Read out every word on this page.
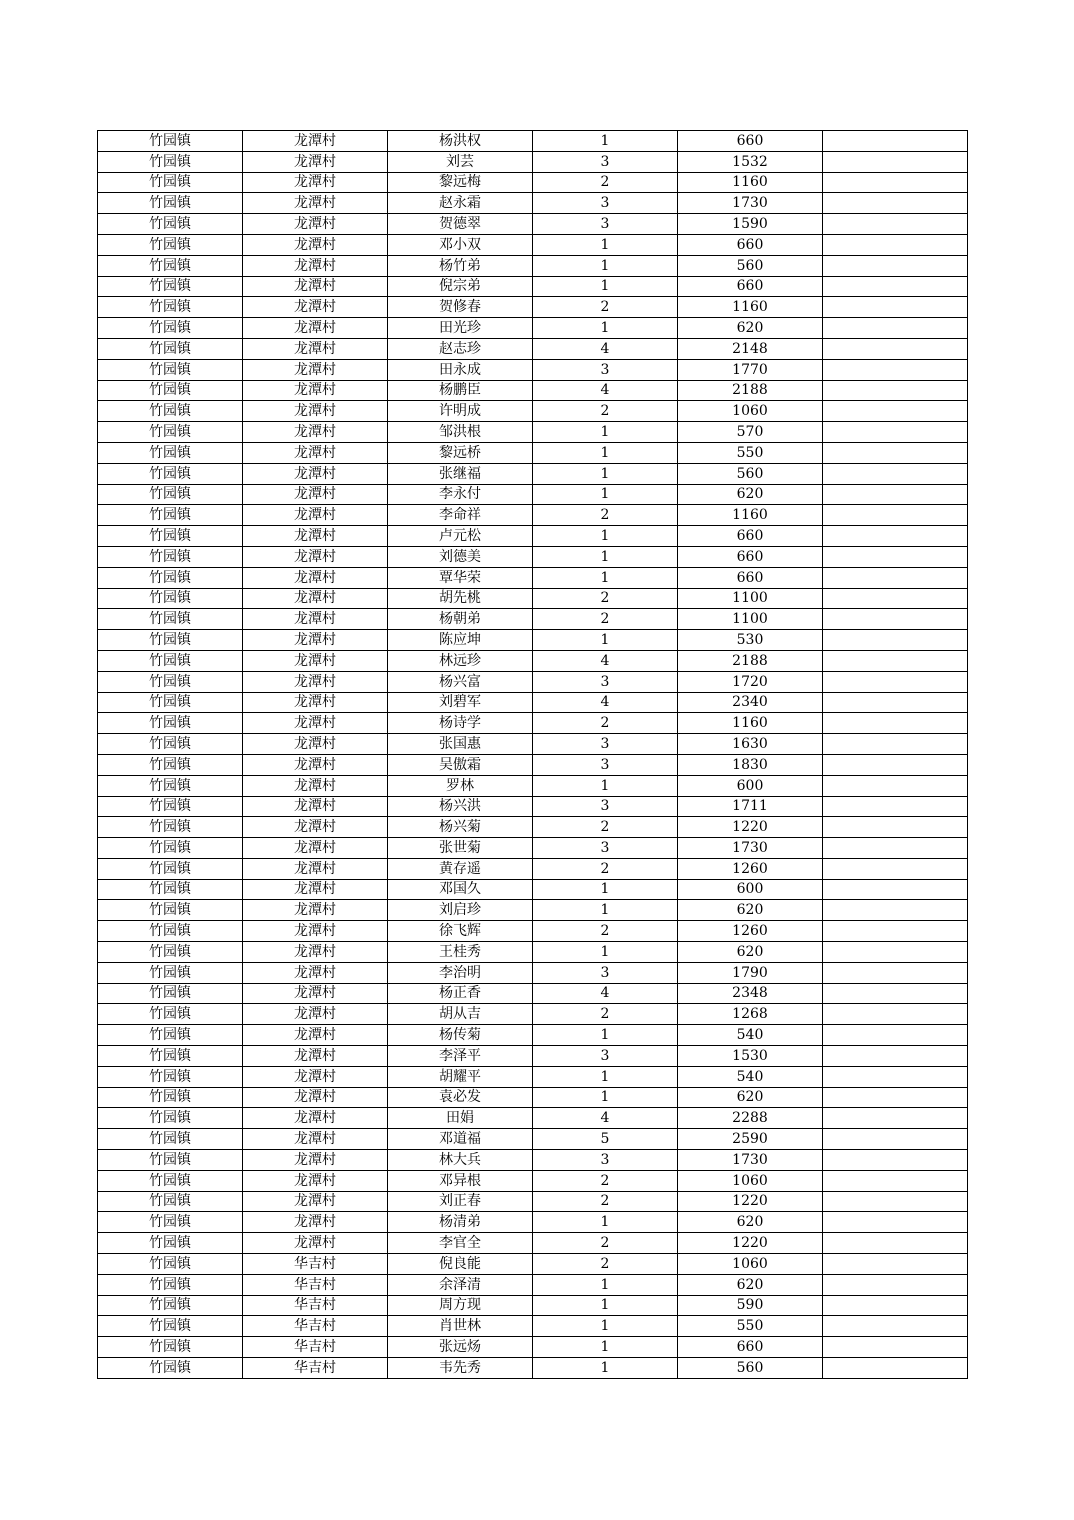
竹园镇	龙潭村	杨洪权	1	660	
竹园镇	龙潭村	刘芸	3	1532	
竹园镇	龙潭村	黎远梅	2	1160	
竹园镇	龙潭村	赵永霜	3	1730	
竹园镇	龙潭村	贺德翠	3	1590	
竹园镇	龙潭村	邓小双	1	660	
竹园镇	龙潭村	杨竹弟	1	560	
竹园镇	龙潭村	倪宗弟	1	660	
竹园镇	龙潭村	贺修春	2	1160	
竹园镇	龙潭村	田光珍	1	620	
竹园镇	龙潭村	赵志珍	4	2148	
竹园镇	龙潭村	田永成	3	1770	
竹园镇	龙潭村	杨鹏臣	4	2188	
竹园镇	龙潭村	许明成	2	1060	
竹园镇	龙潭村	邹洪根	1	570	
竹园镇	龙潭村	黎远桥	1	550	
竹园镇	龙潭村	张继福	1	560	
竹园镇	龙潭村	李永付	1	620	
竹园镇	龙潭村	李命祥	2	1160	
竹园镇	龙潭村	卢元松	1	660	
竹园镇	龙潭村	刘德美	1	660	
竹园镇	龙潭村	覃华荣	1	660	
竹园镇	龙潭村	胡先桃	2	1100	
竹园镇	龙潭村	杨朝弟	2	1100	
竹园镇	龙潭村	陈应坤	1	530	
竹园镇	龙潭村	林远珍	4	2188	
竹园镇	龙潭村	杨兴富	3	1720	
竹园镇	龙潭村	刘碧军	4	2340	
竹园镇	龙潭村	杨诗学	2	1160	
竹园镇	龙潭村	张国惠	3	1630	
竹园镇	龙潭村	吴傲霜	3	1830	
竹园镇	龙潭村	罗林	1	600	
竹园镇	龙潭村	杨兴洪	3	1711	
竹园镇	龙潭村	杨兴菊	2	1220	
竹园镇	龙潭村	张世菊	3	1730	
竹园镇	龙潭村	黄存遥	2	1260	
竹园镇	龙潭村	邓国久	1	600	
竹园镇	龙潭村	刘启珍	1	620	
竹园镇	龙潭村	徐飞辉	2	1260	
竹园镇	龙潭村	王桂秀	1	620	
竹园镇	龙潭村	李治明	3	1790	
竹园镇	龙潭村	杨正香	4	2348	
竹园镇	龙潭村	胡从吉	2	1268	
竹园镇	龙潭村	杨传菊	1	540	
竹园镇	龙潭村	李泽平	3	1530	
竹园镇	龙潭村	胡耀平	1	540	
竹园镇	龙潭村	袁必发	1	620	
竹园镇	龙潭村	田娟	4	2288	
竹园镇	龙潭村	邓道福	5	2590	
竹园镇	龙潭村	林大兵	3	1730	
竹园镇	龙潭村	邓异根	2	1060	
竹园镇	龙潭村	刘正春	2	1220	
竹园镇	龙潭村	杨清弟	1	620	
竹园镇	龙潭村	李官全	2	1220	
竹园镇	华吉村	倪良能	2	1060	
竹园镇	华吉村	余泽清	1	620	
竹园镇	华吉村	周方现	1	590	
竹园镇	华吉村	肖世林	1	550	
竹园镇	华吉村	张远炀	1	660	
竹园镇	华吉村	韦先秀	1	560	
